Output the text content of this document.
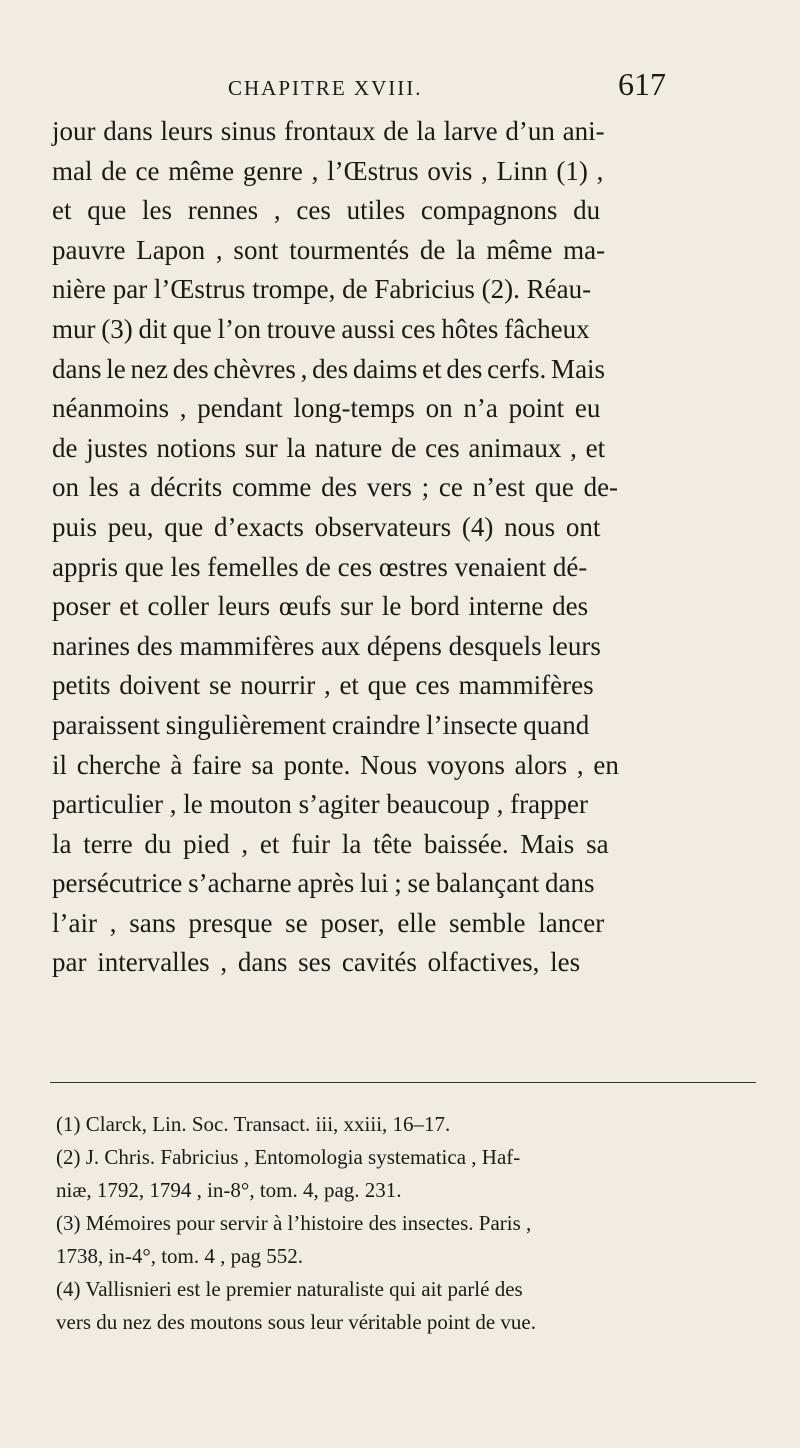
CHAPITRE XVIII.	617
jour dans leurs sinus frontaux de la larve d’un ani-
mal de ce même genre , l’Œstrus ovis , Linn (1) ,
et que les rennes , ces utiles compagnons du
pauvre Lapon , sont tourmentés de la même ma-
nière par l’Œstrus trompe, de Fabricius (2). Réau-
mur (3) dit que l’on trouve aussi ces hôtes fâcheux
dans le nez des chèvres , des daims et des cerfs. Mais
néanmoins , pendant long-temps on n’a point eu
de justes notions sur la nature de ces animaux , et
on les a décrits comme des vers ; ce n’est que de-
puis peu, que d’exacts observateurs (4) nous ont
appris que les femelles de ces œstres venaient dé-
poser et coller leurs œufs sur le bord interne des
narines des mammifères aux dépens desquels leurs
petits doivent se nourrir , et que ces mammifères
paraissent singulièrement craindre l’insecte quand
il cherche à faire sa ponte. Nous voyons alors , en
particulier , le mouton s’agiter beaucoup , frapper
la terre du pied , et fuir la tête baissée. Mais sa
persécutrice s’acharne après lui ; se balançant dans
l’air , sans presque se poser, elle semble lancer
par intervalles , dans ses cavités olfactives, les
(1) Clarck, Lin. Soc. Transact. iii, xxiii, 16–17.
(2) J. Chris. Fabricius , Entomologia systematica , Haf-
niæ, 1792, 1794 , in-8°, tom. 4, pag. 231.
(3) Mémoires pour servir à l’histoire des insectes. Paris ,
1738, in-4°, tom. 4 , pag 552.
(4) Vallisnieri est le premier naturaliste qui ait parlé des
vers du nez des moutons sous leur véritable point de vue.
